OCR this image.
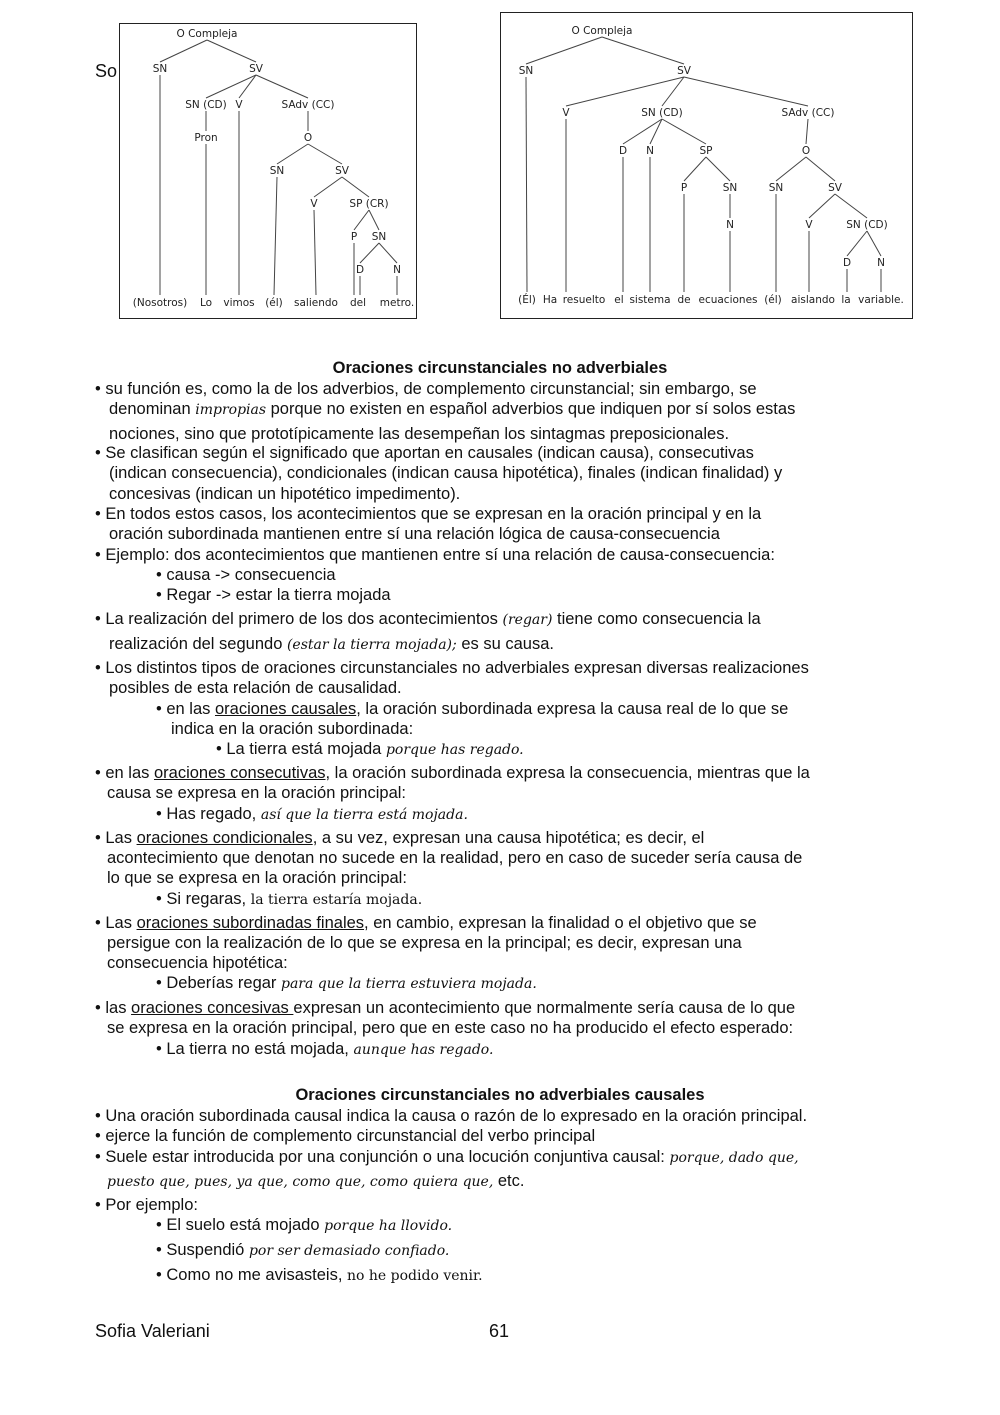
So
O Compleja
SN	SV
SN (CD) V	SAdv (CC)
Pron	O
SN	SV
V	SP (CR)
P SN
D	N
(Nosotros) Lo vimos (él) saliendo del metro.
O Compleja
SN	SV
V	SN (CD)	SAdv (CC)
D N	SP	O
P	SN	SN	SV
N	V	SN (CD)
D N
(Él) Ha resuelto el sistema de ecuaciones (él) aislando la variable.
Oraciones circunstanciales no adverbiales
• su función es, como la de los adverbios, de complemento circunstancial; sin embargo, se
denominan impropias porque no existen en español adverbios que indiquen por sí solos estas
nociones, sino que prototípicamente las desempeñan los sintagmas preposicionales.
• Se clasifican según el significado que aportan en causales (indican causa), consecutivas
(indican consecuencia), condicionales (indican causa hipotética), finales (indican finalidad) y
concesivas (indican un hipotético impedimento).
• En todos estos casos, los acontecimientos que se expresan en la oración principal y en la
oración subordinada mantienen entre sí una relación lógica de causa-consecuencia
• Ejemplo: dos acontecimientos que mantienen entre sí una relación de causa-consecuencia:
• causa -> consecuencia
• Regar -> estar la tierra mojada
• La realización del primero de los dos acontecimientos (regar) tiene como consecuencia la
realización del segundo (estar la tierra mojada); es su causa.
• Los distintos tipos de oraciones circunstanciales no adverbiales expresan diversas realizaciones
posibles de esta relación de causalidad.
• en las oraciones causales, la oración subordinada expresa la causa real de lo que se
indica en la oración subordinada:
• La tierra está mojada porque has regado.
• en las oraciones consecutivas, la oración subordinada expresa la consecuencia, mientras que la
causa se expresa en la oración principal:
• Has regado, así que la tierra está mojada.
• Las oraciones condicionales, a su vez, expresan una causa hipotética; es decir, el
acontecimiento que denotan no sucede en la realidad, pero en caso de suceder sería causa de
lo que se expresa en la oración principal:
• Si regaras, la tierra estaría mojada.
• Las oraciones subordinadas finales, en cambio, expresan la finalidad o el objetivo que se
persigue con la realización de lo que se expresa en la principal; es decir, expresan una
consecuencia hipotética:
• Deberías regar para que la tierra estuviera mojada.
• las oraciones concesivas expresan un acontecimiento que normalmente sería causa de lo que
se expresa en la oración principal, pero que en este caso no ha producido el efecto esperado:
• La tierra no está mojada, aunque has regado.
Oraciones circunstanciales no adverbiales causales
• Una oración subordinada causal indica la causa o razón de lo expresado en la oración principal.
• ejerce la función de complemento circunstancial del verbo principal
• Suele estar introducida por una conjunción o una locución conjuntiva causal: porque, dado que,
puesto que, pues, ya que, como que, como quiera que, etc.
• Por ejemplo:
• El suelo está mojado porque ha llovido.
• Suspendió por ser demasiado confiado.
• Como no me avisasteis, no he podido venir.
Sofia Valeriani	61
